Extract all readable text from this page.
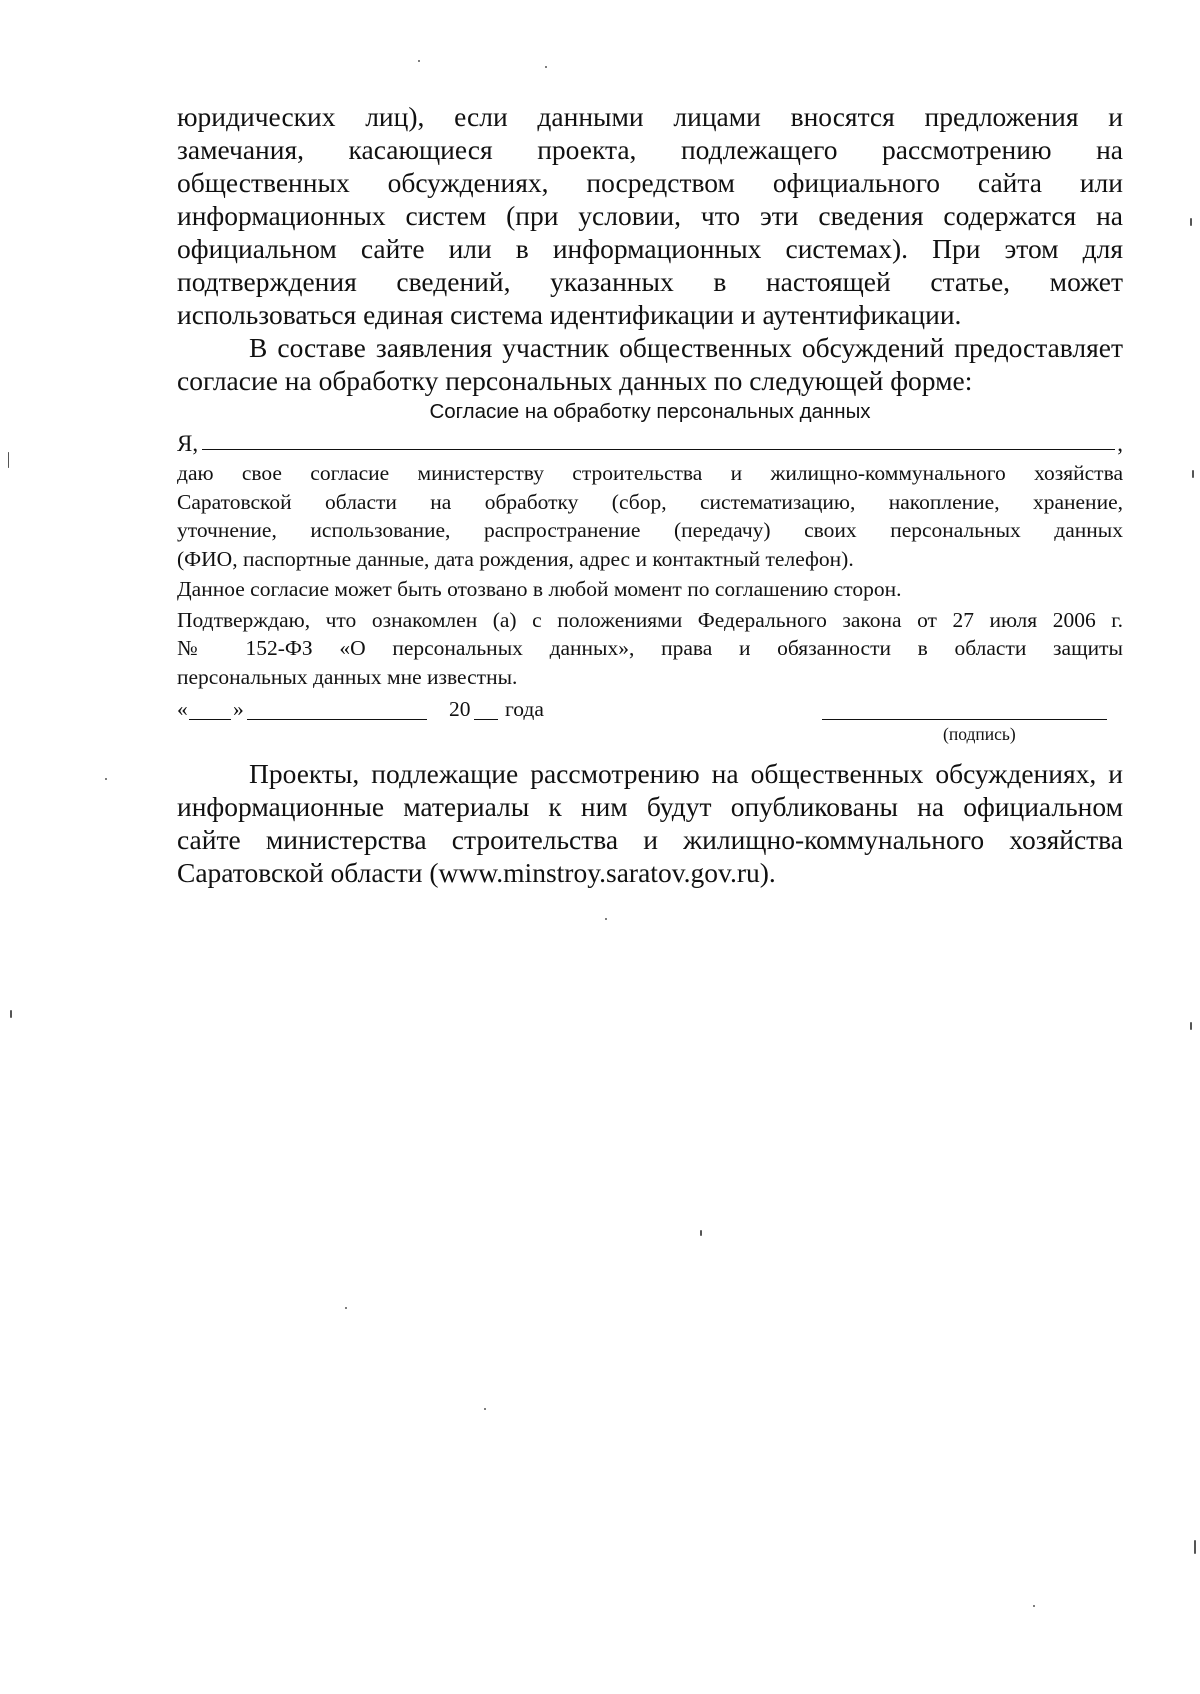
юридических лиц), если данными лицами вносятся предложения и
замечания, касающиеся проекта, подлежащего рассмотрению на
общественных обсуждениях, посредством официального сайта или
информационных систем (при условии, что эти сведения содержатся на
официальном сайте или в информационных системах). При этом для
подтверждения сведений, указанных в настоящей статье, может
использоваться единая система идентификации и аутентификации.

В составе заявления участник общественных обсуждений предоставляет
согласие на обработку персональных данных по следующей форме:

Согласие на обработку персональных данных
Я,	,

даю свое согласие министерству строительства и жилищно-коммунального хозяйства
Саратовской области на обработку (сбор, систематизацию, накопление, хранение,
уточнение, использование, распространение (передачу) своих персональных данных
(ФИО, паспортные данные, дата рождения, адрес и контактный телефон).

Данное согласие может быть отозвано в любой момент по соглашению сторон.

Подтверждаю, что ознакомлен (а) с положениями Федерального закона от 27 июля 2006 г.
№ 152-ФЗ «О персональных данных», права и обязанности в области защиты
персональных данных мне известны.

« »	20 года
(подпись)

Проекты, подлежащие рассмотрению на общественных обсуждениях, и
информационные материалы к ним будут опубликованы на официальном
сайте министерства строительства и жилищно-коммунального хозяйства
Саратовской области (www.minstroy.saratov.gov.ru).
